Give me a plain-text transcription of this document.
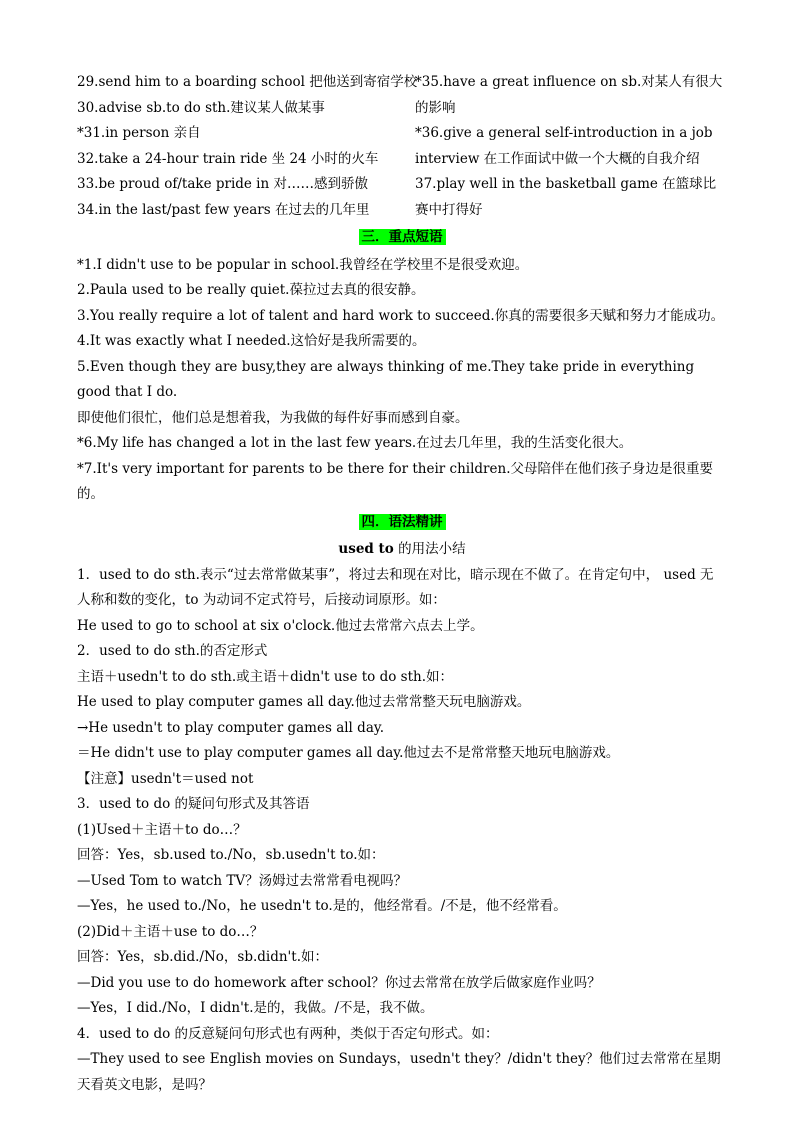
29.send him to a boarding school 把他送到寄宿学校
30.advise sb.to do sth.建议某人做某事
*31.in person 亲自
32.take a 24-hour train ride 坐 24 小时的火车
33.be proud of/take pride in 对……感到骄傲
34.in the last/past few years 在过去的几年里
*35.have a great influence on sb.对某人有很大的影响
*36.give a general self-introduction in a job interview 在工作面试中做一个大概的自我介绍
37.play well in the basketball game 在篮球比赛中打得好
三．重点短语
*1.I didn't use to be popular in school.我曾经在学校里不是很受欢迎。
2.Paula used to be really quiet.葆拉过去真的很安静。
3.You really require a lot of talent and hard work to succeed.你真的需要很多天赋和努力才能成功。
4.It was exactly what I needed.这恰好是我所需要的。
5.Even though they are busy,they are always thinking of me.They take pride in everything good that I do.
即使他们很忙，他们总是想着我，为我做的每件好事而感到自豪。
*6.My life has changed a lot in the last few years.在过去几年里，我的生活变化很大。
*7.It's very important for parents to be there for their children.父母陪伴在他们孩子身边是很重要的。
四．语法精讲
used to 的用法小结
1．used to do sth.表示“过去常常做某事”，将过去和现在对比，暗示现在不做了。在肯定句中， used 无人称和数的变化，to 为动词不定式符号，后接动词原形。如：
He used to go to school at six o'clock.他过去常常六点去上学。
2．used to do sth.的否定形式
主语＋usedn't to do sth.或主语＋didn't use to do sth.如：
He used to play computer games all day.他过去常常整天玩电脑游戏。
→He usedn't to play computer games all day.
＝He didn't use to play computer games all day.他过去不是常常整天地玩电脑游戏。
【注意】usedn't＝used not
3．used to do 的疑问句形式及其答语
(1)Used＋主语＋to do…？
回答：Yes，sb.used to./No，sb.usedn't to.如：
—Used Tom to watch TV？汤姆过去常常看电视吗？
—Yes，he used to./No，he usedn't to.是的，他经常看。/不是，他不经常看。
(2)Did＋主语＋use to do…？
回答：Yes，sb.did./No，sb.didn't.如：
—Did you use to do homework after school？你过去常常在放学后做家庭作业吗？
—Yes，I did./No，I didn't.是的，我做。/不是，我不做。
4．used to do 的反意疑问句形式也有两种，类似于否定句形式。如：
—They used to see English movies on Sundays，usedn't they？/didn't they？他们过去常常在星期天看英文电影，是吗？
